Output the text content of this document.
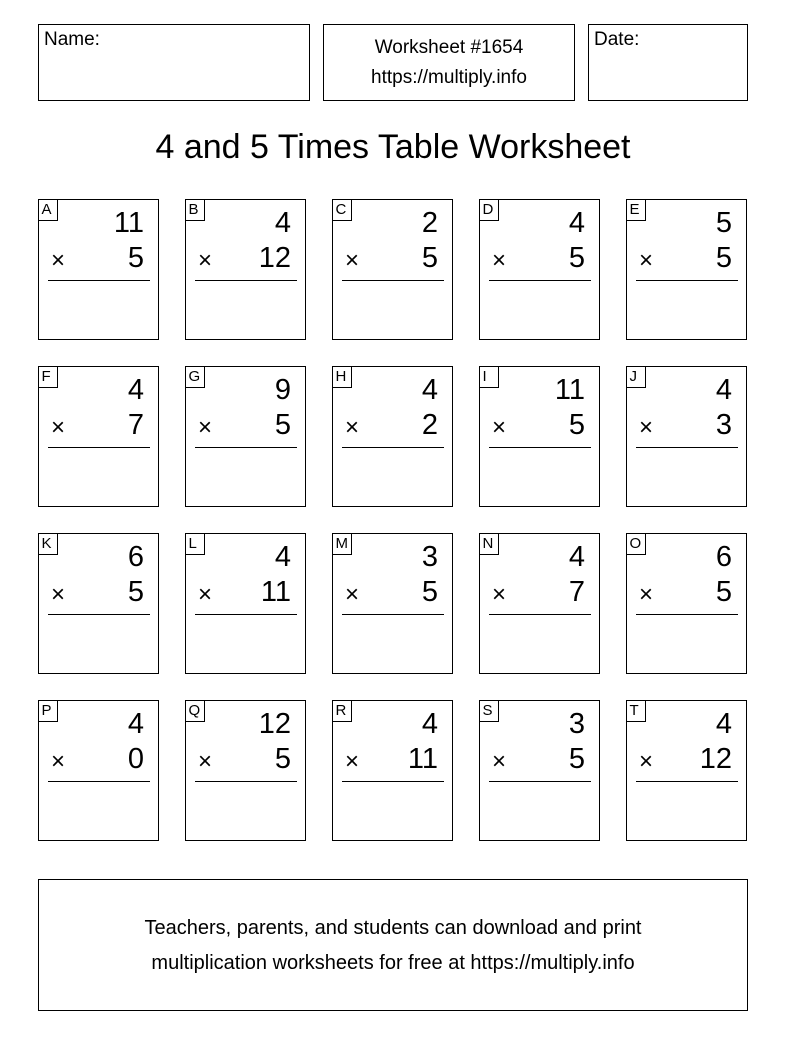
Name:	Worksheet #1654
https://multiply.info
Date:
4 and 5 Times Table Worksheet
A 11
× 5
B	4
× 12
C	2
× 5
D	4
× 5
E	5
× 5
F	4
× 7
G	9
× 5
H	4
× 2
I	11
× 5
J	4
× 3
K	6
× 5
L	4
× 11
M	3
× 5
N	4
× 7
O	6
× 5
P	4
× 0
Q 12
× 5
R	4
× 11
S	3
× 5
T	4
× 12
Teachers, parents, and students can download and print
multiplication worksheets for free at https://multiply.info
